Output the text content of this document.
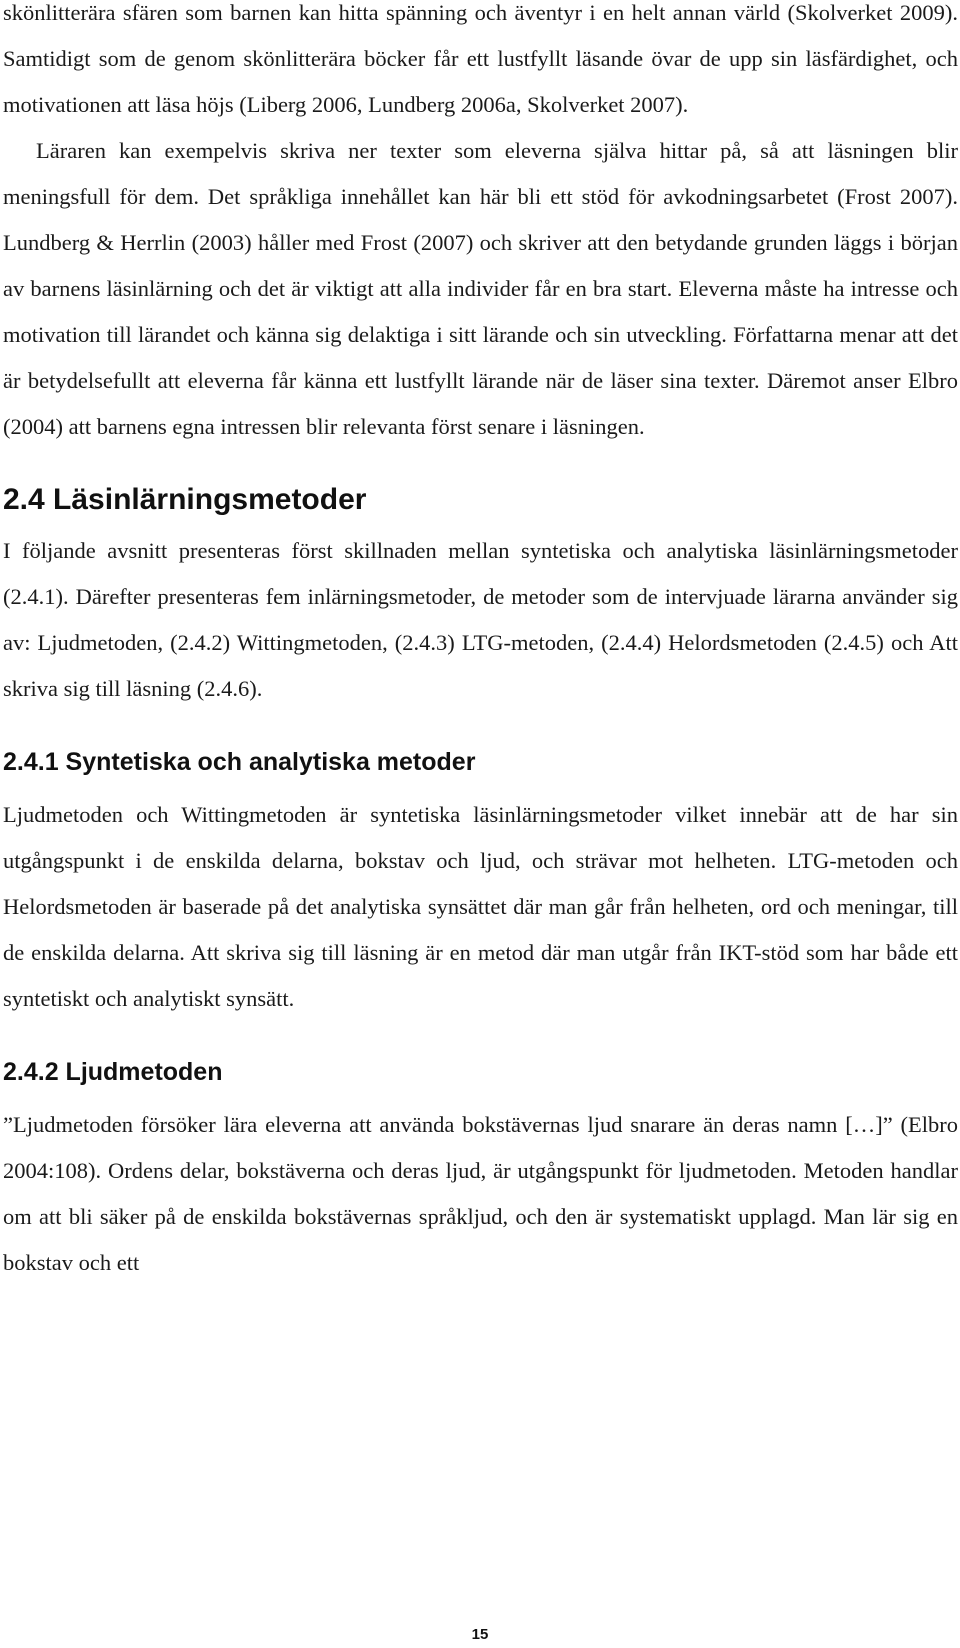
skönlitterära sfären som barnen kan hitta spänning och äventyr i en helt annan värld (Skolverket 2009). Samtidigt som de genom skönlitterära böcker får ett lustfyllt läsande övar de upp sin läsfärdighet, och motivationen att läsa höjs (Liberg 2006, Lundberg 2006a, Skolverket 2007).

Läraren kan exempelvis skriva ner texter som eleverna själva hittar på, så att läsningen blir meningsfull för dem. Det språkliga innehållet kan här bli ett stöd för avkodningsarbetet (Frost 2007). Lundberg & Herrlin (2003) håller med Frost (2007) och skriver att den betydande grunden läggs i början av barnens läsinlärning och det är viktigt att alla individer får en bra start. Eleverna måste ha intresse och motivation till lärandet och känna sig delaktiga i sitt lärande och sin utveckling. Författarna menar att det är betydelsefullt att eleverna får känna ett lustfyllt lärande när de läser sina texter. Däremot anser Elbro (2004) att barnens egna intressen blir relevanta först senare i läsningen.

2.4 Läsinlärningsmetoder

I följande avsnitt presenteras först skillnaden mellan syntetiska och analytiska läsinlärningsmetoder (2.4.1). Därefter presenteras fem inlärningsmetoder, de metoder som de intervjuade lärarna använder sig av: Ljudmetoden, (2.4.2) Wittingmetoden, (2.4.3) LTG-metoden, (2.4.4) Helordsmetoden (2.4.5) och Att skriva sig till läsning (2.4.6).

2.4.1 Syntetiska och analytiska metoder

Ljudmetoden och Wittingmetoden är syntetiska läsinlärningsmetoder vilket innebär att de har sin utgångspunkt i de enskilda delarna, bokstav och ljud, och strävar mot helheten. LTG-metoden och Helordsmetoden är baserade på det analytiska synsättet där man går från helheten, ord och meningar, till de enskilda delarna. Att skriva sig till läsning är en metod där man utgår från IKT-stöd som har både ett syntetiskt och analytiskt synsätt.

2.4.2 Ljudmetoden

”Ljudmetoden försöker lära eleverna att använda bokstävernas ljud snarare än deras namn […]” (Elbro 2004:108). Ordens delar, bokstäverna och deras ljud, är utgångspunkt för ljudmetoden. Metoden handlar om att bli säker på de enskilda bokstävernas språkljud, och den är systematiskt upplagd. Man lär sig en bokstav och ett

15
